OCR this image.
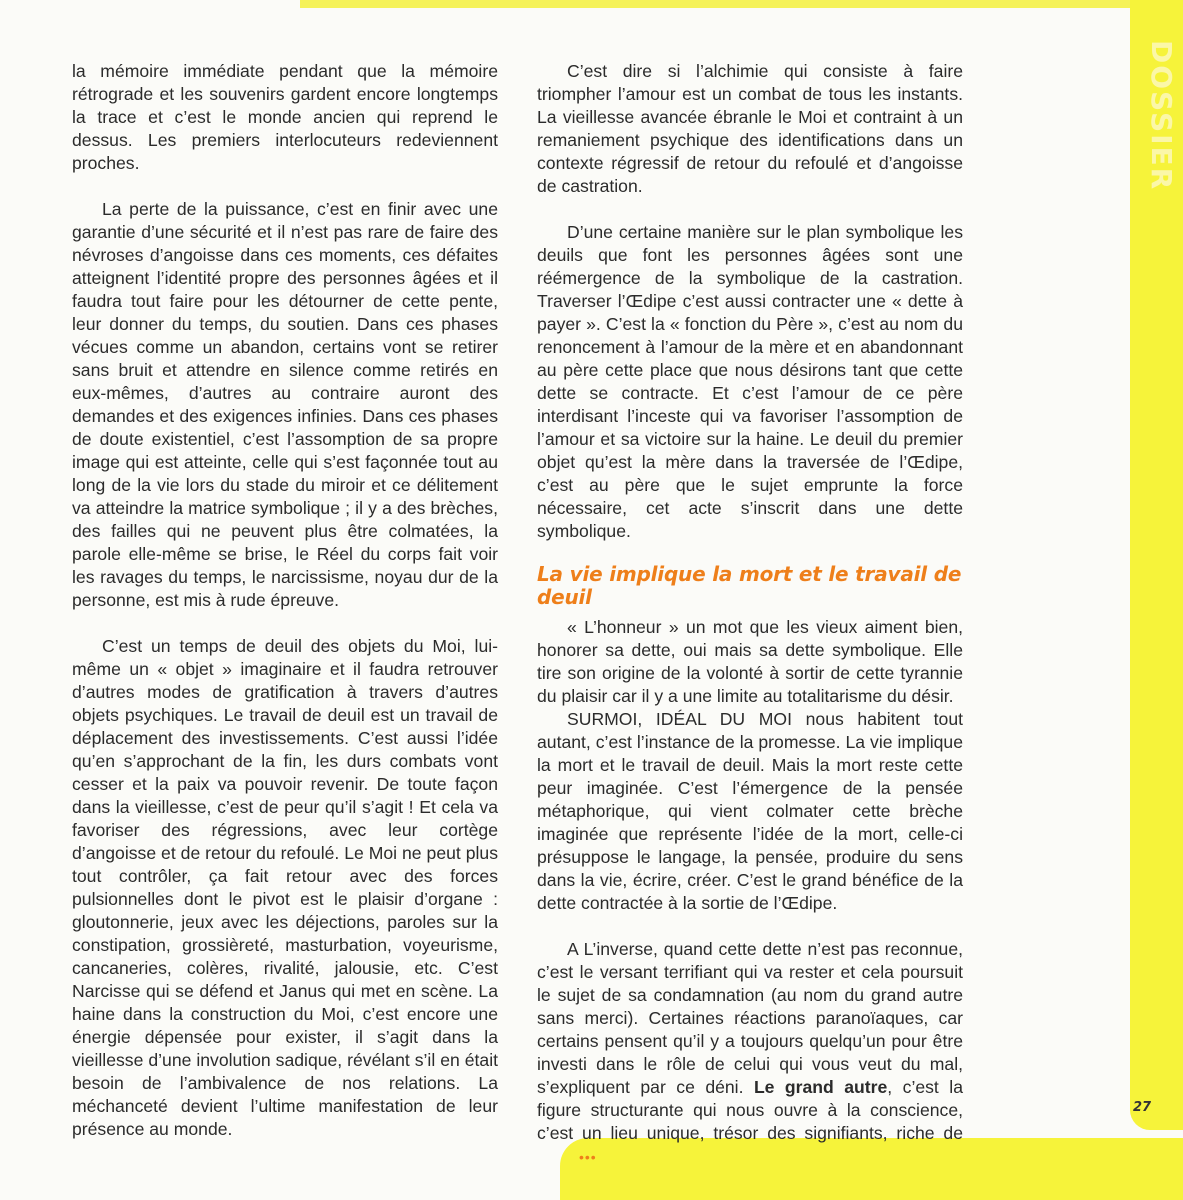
DOSSIER

la mémoire immédiate pendant que la mémoire rétrograde et les souvenirs gardent encore longtemps la trace et c’est le monde ancien qui reprend le dessus. Les premiers interlocuteurs redeviennent proches.

La perte de la puissance, c’est en finir avec une garantie d’une sécurité et il n’est pas rare de faire des névroses d’angoisse dans ces moments, ces défaites atteignent l’identité propre des personnes âgées et il faudra tout faire pour les détourner de cette pente, leur donner du temps, du soutien. Dans ces phases vécues comme un abandon, certains vont se retirer sans bruit et attendre en silence comme retirés en eux-mêmes, d’autres au contraire auront des demandes et des exigences infinies. Dans ces phases de doute existentiel, c’est l’assomption de sa propre image qui est atteinte, celle qui s’est façonnée tout au long de la vie lors du stade du miroir et ce délitement va atteindre la matrice symbolique ; il y a des brèches, des failles qui ne peuvent plus être colmatées, la parole elle-même se brise, le Réel du corps fait voir les ravages du temps, le narcissisme, noyau dur de la personne, est mis à rude épreuve.

C’est un temps de deuil des objets du Moi, lui-même un « objet » imaginaire et il faudra retrouver d’autres modes de gratification à travers d’autres objets psychiques. Le travail de deuil est un travail de déplacement des investissements. C’est aussi l’idée qu’en s’approchant de la fin, les durs combats vont cesser et la paix va pouvoir revenir. De toute façon dans la vieillesse, c’est de peur qu’il s’agit ! Et cela va favoriser des régressions, avec leur cortège d’angoisse et de retour du refoulé. Le Moi ne peut plus tout contrôler, ça fait retour avec des forces pulsionnelles dont le pivot est le plaisir d’organe : gloutonnerie, jeux avec les déjections, paroles sur la constipation, grossièreté, masturbation, voyeurisme, cancaneries, colères, rivalité, jalousie, etc. C’est Narcisse qui se défend et Janus qui met en scène. La haine dans la construction du Moi, c’est encore une énergie dépensée pour exister, il s’agit dans la vieillesse d’une involution sadique, révélant s’il en était besoin de l’ambivalence de nos relations. La méchanceté devient l’ultime manifestation de leur présence au monde.

C’est dire si l’alchimie qui consiste à faire triompher l’amour est un combat de tous les instants. La vieillesse avancée ébranle le Moi et contraint à un remaniement psychique des identifications dans un contexte régressif de retour du refoulé et d’angoisse de castration.

D’une certaine manière sur le plan symbolique les deuils que font les personnes âgées sont une réémergence de la symbolique de la castration. Traverser l’Œdipe c’est aussi contracter une « dette à payer ». C’est la « fonction du Père », c’est au nom du renoncement à l’amour de la mère et en abandonnant au père cette place que nous désirons tant que cette dette se contracte. Et c’est l’amour de ce père interdisant l’inceste qui va favoriser l’assomption de l’amour et sa victoire sur la haine. Le deuil du premier objet qu’est la mère dans la traversée de l’Œdipe, c’est au père que le sujet emprunte la force nécessaire, cet acte s’inscrit dans une dette symbolique.

La vie implique la mort et le travail de deuil

« L’honneur » un mot que les vieux aiment bien, honorer sa dette, oui mais sa dette symbolique. Elle tire son origine de la volonté à sortir de cette tyrannie du plaisir car il y a une limite au totalitarisme du désir.

SURMOI, IDÉAL DU MOI nous habitent tout autant, c’est l’instance de la promesse. La vie implique la mort et le travail de deuil. Mais la mort reste cette peur imaginée. C’est l’émergence de la pensée métaphorique, qui vient colmater cette brèche imaginée que représente l’idée de la mort, celle-ci présuppose le langage, la pensée, produire du sens dans la vie, écrire, créer. C’est le grand bénéfice de la dette contractée à la sortie de l’Œdipe.

A L’inverse, quand cette dette n’est pas reconnue, c’est le versant terrifiant qui va rester et cela poursuit le sujet de sa condamnation (au nom du grand autre sans merci). Certaines réactions paranoïaques, car certains pensent qu’il y a toujours quelqu’un pour être investi dans le rôle de celui qui vous veut du mal, s’expliquent par ce déni. Le grand autre, c’est la figure structurante qui nous ouvre à la conscience, c’est un lieu unique, trésor des signifiants, riche de•••

27
